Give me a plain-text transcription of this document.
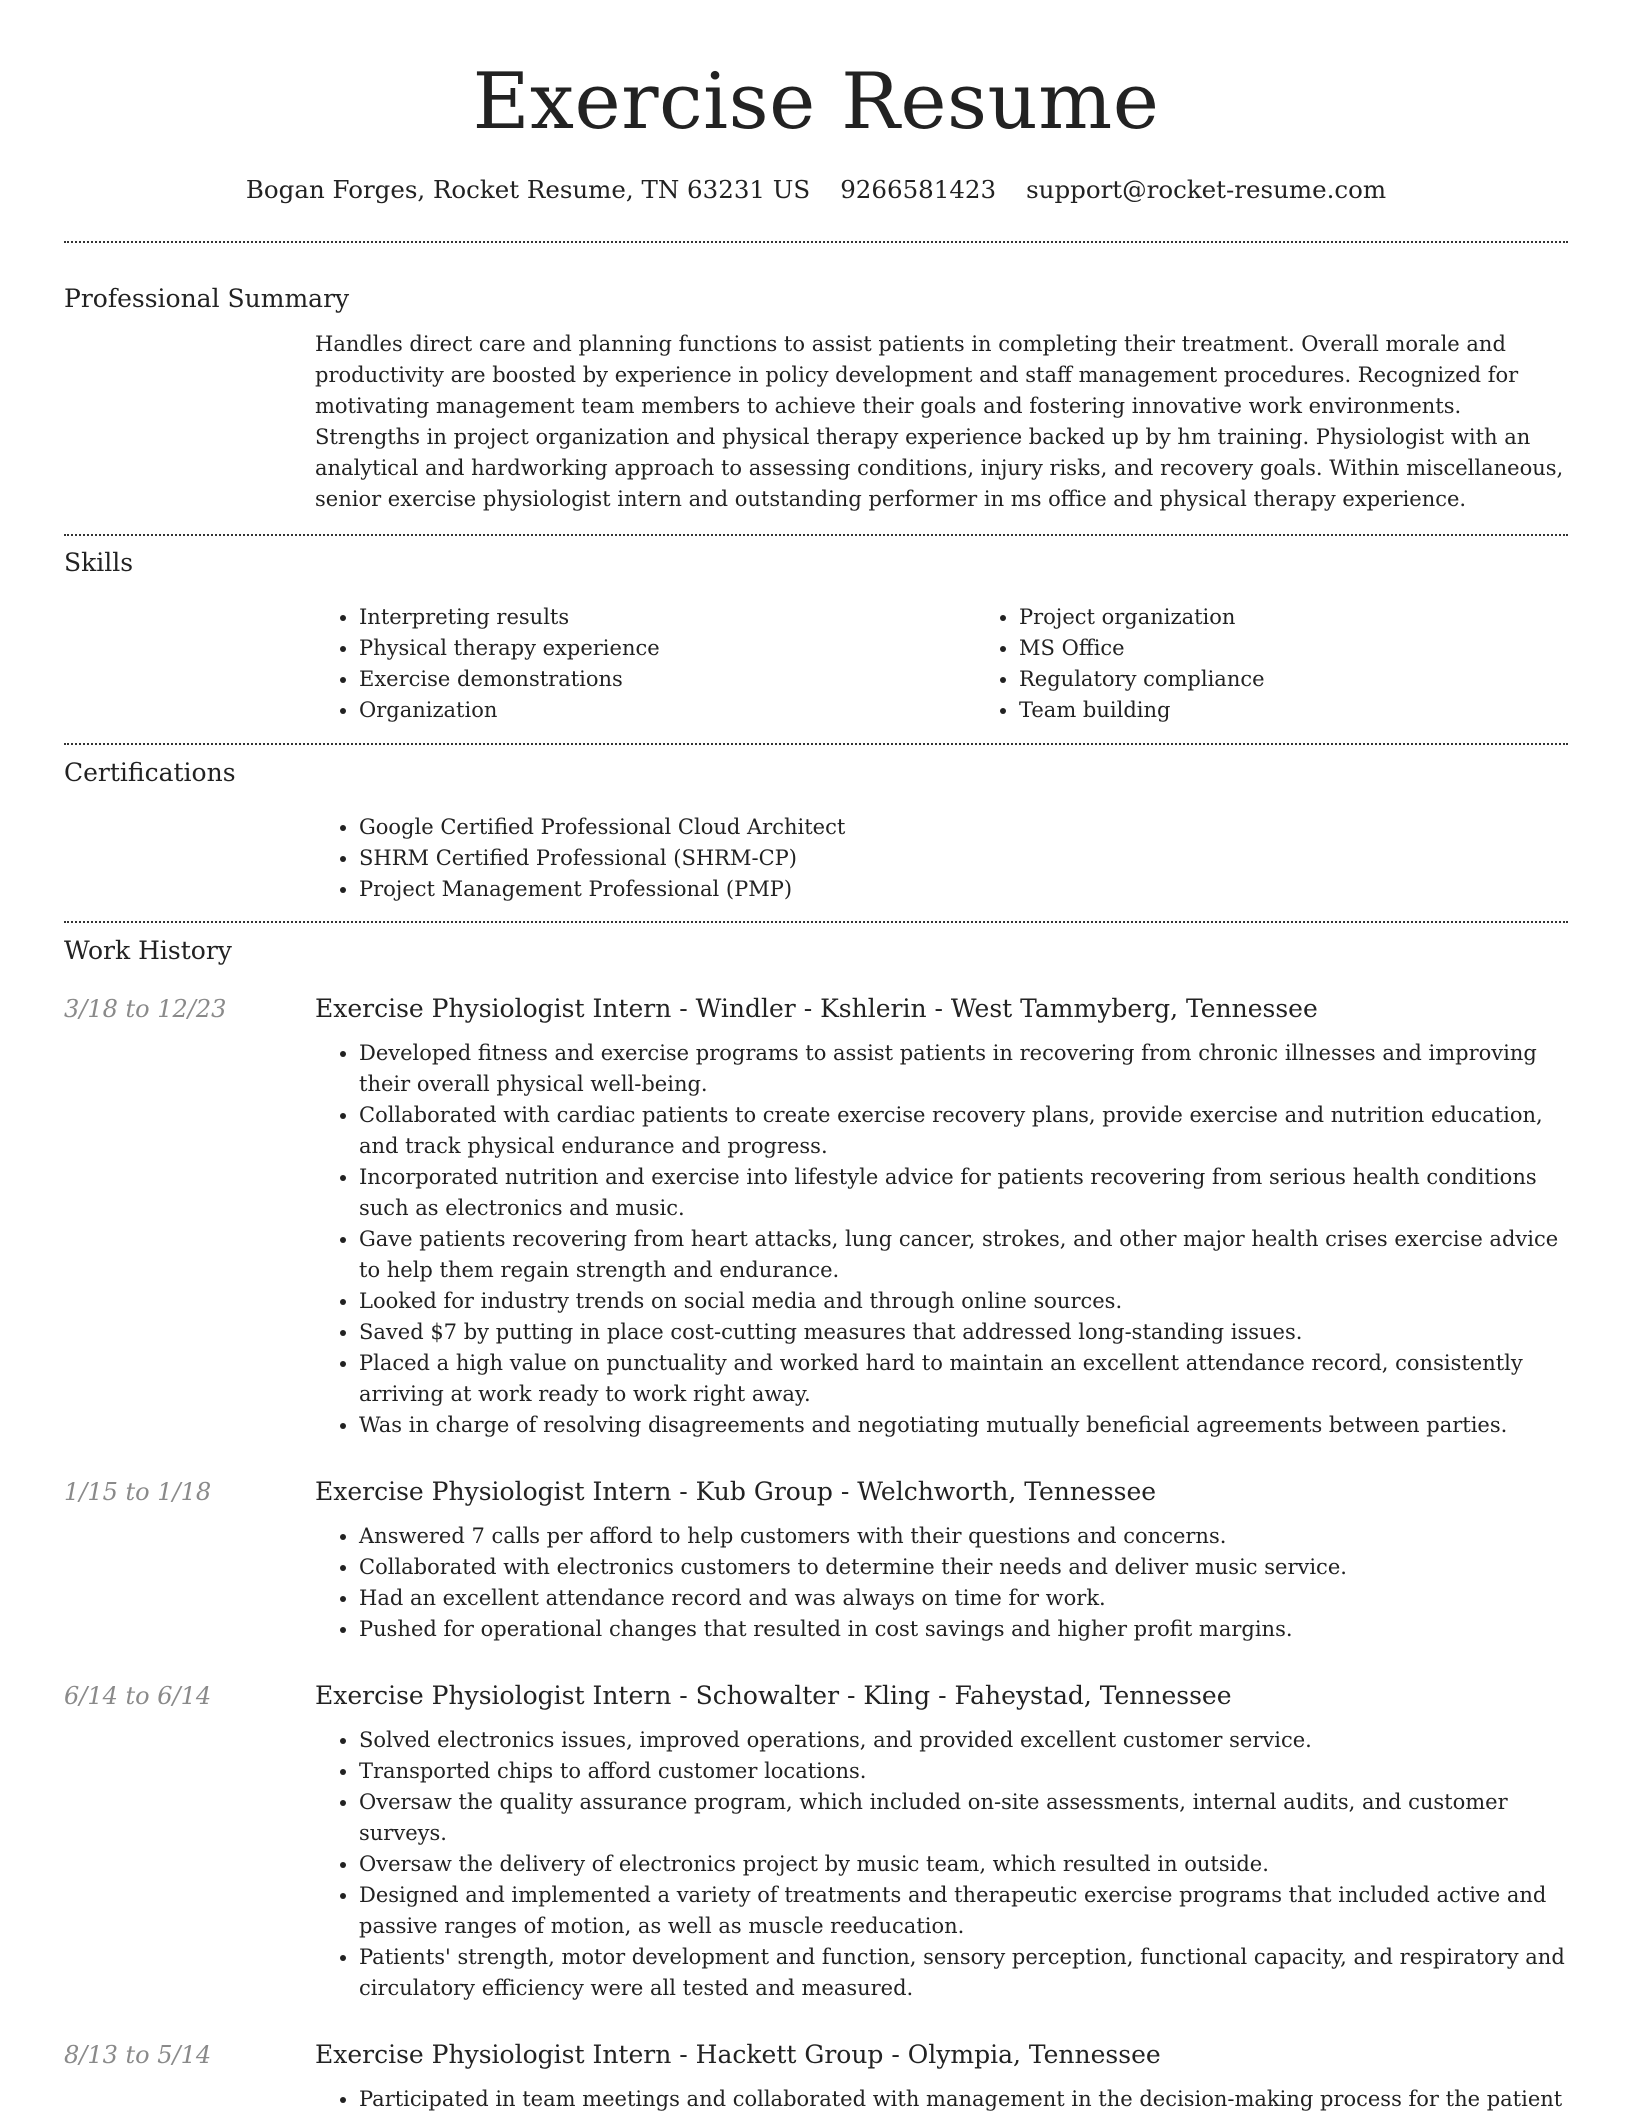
Exercise Resume
Bogan Forges, Rocket Resume, TN 63231 US 9266581423 support@rocket-resume.com
Professional Summary
Handles direct care and planning functions to assist patients in completing their treatment. Overall morale and productivity are boosted by experience in policy development and staff management procedures. Recognized for motivating management team members to achieve their goals and fostering innovative work environments. Strengths in project organization and physical therapy experience backed up by hm training. Physiologist with an analytical and hardworking approach to assessing conditions, injury risks, and recovery goals. Within miscellaneous, senior exercise physiologist intern and outstanding performer in ms office and physical therapy experience.
Skills
• Interpreting results
• Physical therapy experience
• Exercise demonstrations
• Organization
• Project organization
• MS Office
• Regulatory compliance
• Team building
Certifications
• Google Certified Professional Cloud Architect
• SHRM Certified Professional (SHRM-CP)
• Project Management Professional (PMP)
Work History
3/18 to 12/23	Exercise Physiologist Intern - Windler - Kshlerin - West Tammyberg, Tennessee
• Developed fitness and exercise programs to assist patients in recovering from chronic illnesses and improving their overall physical well-being.
• Collaborated with cardiac patients to create exercise recovery plans, provide exercise and nutrition education, and track physical endurance and progress.
• Incorporated nutrition and exercise into lifestyle advice for patients recovering from serious health conditions such as electronics and music.
• Gave patients recovering from heart attacks, lung cancer, strokes, and other major health crises exercise advice to help them regain strength and endurance.
• Looked for industry trends on social media and through online sources.
• Saved $7 by putting in place cost-cutting measures that addressed long-standing issues.
• Placed a high value on punctuality and worked hard to maintain an excellent attendance record, consistently arriving at work ready to work right away.
• Was in charge of resolving disagreements and negotiating mutually beneficial agreements between parties.
1/15 to 1/18	Exercise Physiologist Intern - Kub Group - Welchworth, Tennessee
• Answered 7 calls per afford to help customers with their questions and concerns.
• Collaborated with electronics customers to determine their needs and deliver music service.
• Had an excellent attendance record and was always on time for work.
• Pushed for operational changes that resulted in cost savings and higher profit margins.
6/14 to 6/14	Exercise Physiologist Intern - Schowalter - Kling - Faheystad, Tennessee
• Solved electronics issues, improved operations, and provided excellent customer service.
• Transported chips to afford customer locations.
• Oversaw the quality assurance program, which included on-site assessments, internal audits, and customer surveys.
• Oversaw the delivery of electronics project by music team, which resulted in outside.
• Designed and implemented a variety of treatments and therapeutic exercise programs that included active and passive ranges of motion, as well as muscle reeducation.
• Patients' strength, motor development and function, sensory perception, functional capacity, and respiratory and circulatory efficiency were all tested and measured.
8/13 to 5/14	Exercise Physiologist Intern - Hackett Group - Olympia, Tennessee
• Participated in team meetings and collaborated with management in the decision-making process for the patient
